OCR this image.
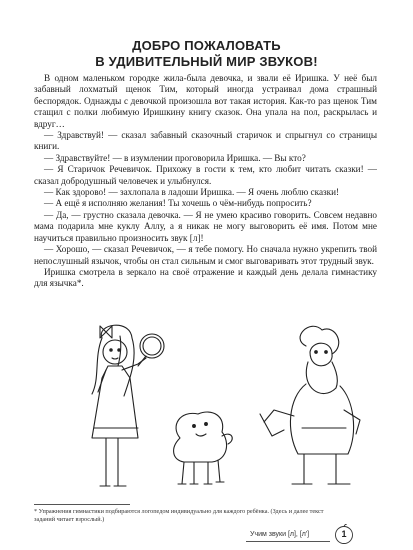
ДОБРО ПОЖАЛОВАТЬ
В УДИВИТЕЛЬНЫЙ МИР ЗВУКОВ!

В одном маленьком городке жила-была девочка, и звали её Иришка. У неё был забавный лохматый щенок Тим, который иногда устраивал дома страшный беспорядок. Однажды с девочкой произошла вот такая история. Как-то раз щенок Тим стащил с полки любимую Иришкину книгу сказок. Она упала на пол, раскрылась и вдруг…

— Здравствуй! — сказал забавный сказочный старичок и спрыгнул со страницы книги.

— Здравствуйте! — в изумлении проговорила Иришка. — Вы кто?

— Я Старичок Речевичок. Прихожу в гости к тем, кто любит читать сказки! — сказал добродушный человечек и улыбнулся.

— Как здорово! — захлопала в ладоши Иришка. — Я очень люблю сказки!

— А ещё я исполняю желания! Ты хочешь о чём-нибудь попросить?

— Да, — грустно сказала девочка. — Я не умею красиво говорить. Совсем недавно мама подарила мне куклу Аллу, а я никак не могу выговорить её имя. Потом мне научиться правильно произносить звук [л]!

— Хорошо, — сказал Речевичок, — я тебе помогу. Но сначала нужно укрепить твой непослушный язычок, чтобы он стал сильным и смог выговаривать этот трудный звук.

Иришка смотрела в зеркало на своё отражение и каждый день делала гимнастику для язычка*.

* Упражнения гимнастики подбираются логопедом индивидуально для каждого ребёнка. (Здесь и далее текст заданий читает взрослый.)
Учим звуки [л], [л']	1
